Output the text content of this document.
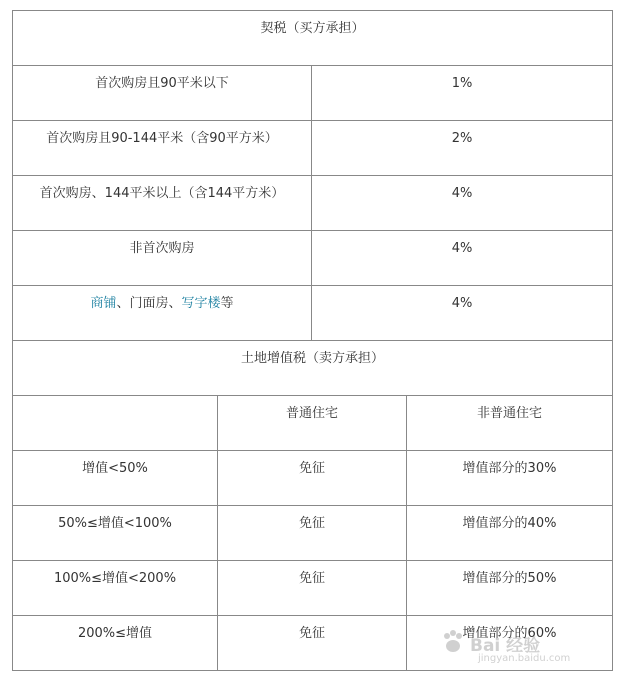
契税（买方承担）			

首次购房且90平米以下		1%	

首次购房且90-144平米（含90平方米）		2%	

首次购房、144平米以上（含144平方米）		4%	

非首次购房		4%	

商铺、门面房、写字楼等		4%	

土地增值税（卖方承担）			

	普通住宅		非普通住宅

增值<50%	免征		增值部分的30%

50%≤增值<100%	免征		增值部分的40%

100%≤增值<200%	免征		增值部分的50%

200%≤增值	免征		增值部分的60%
Bai 经验
jingyan.baidu.com
